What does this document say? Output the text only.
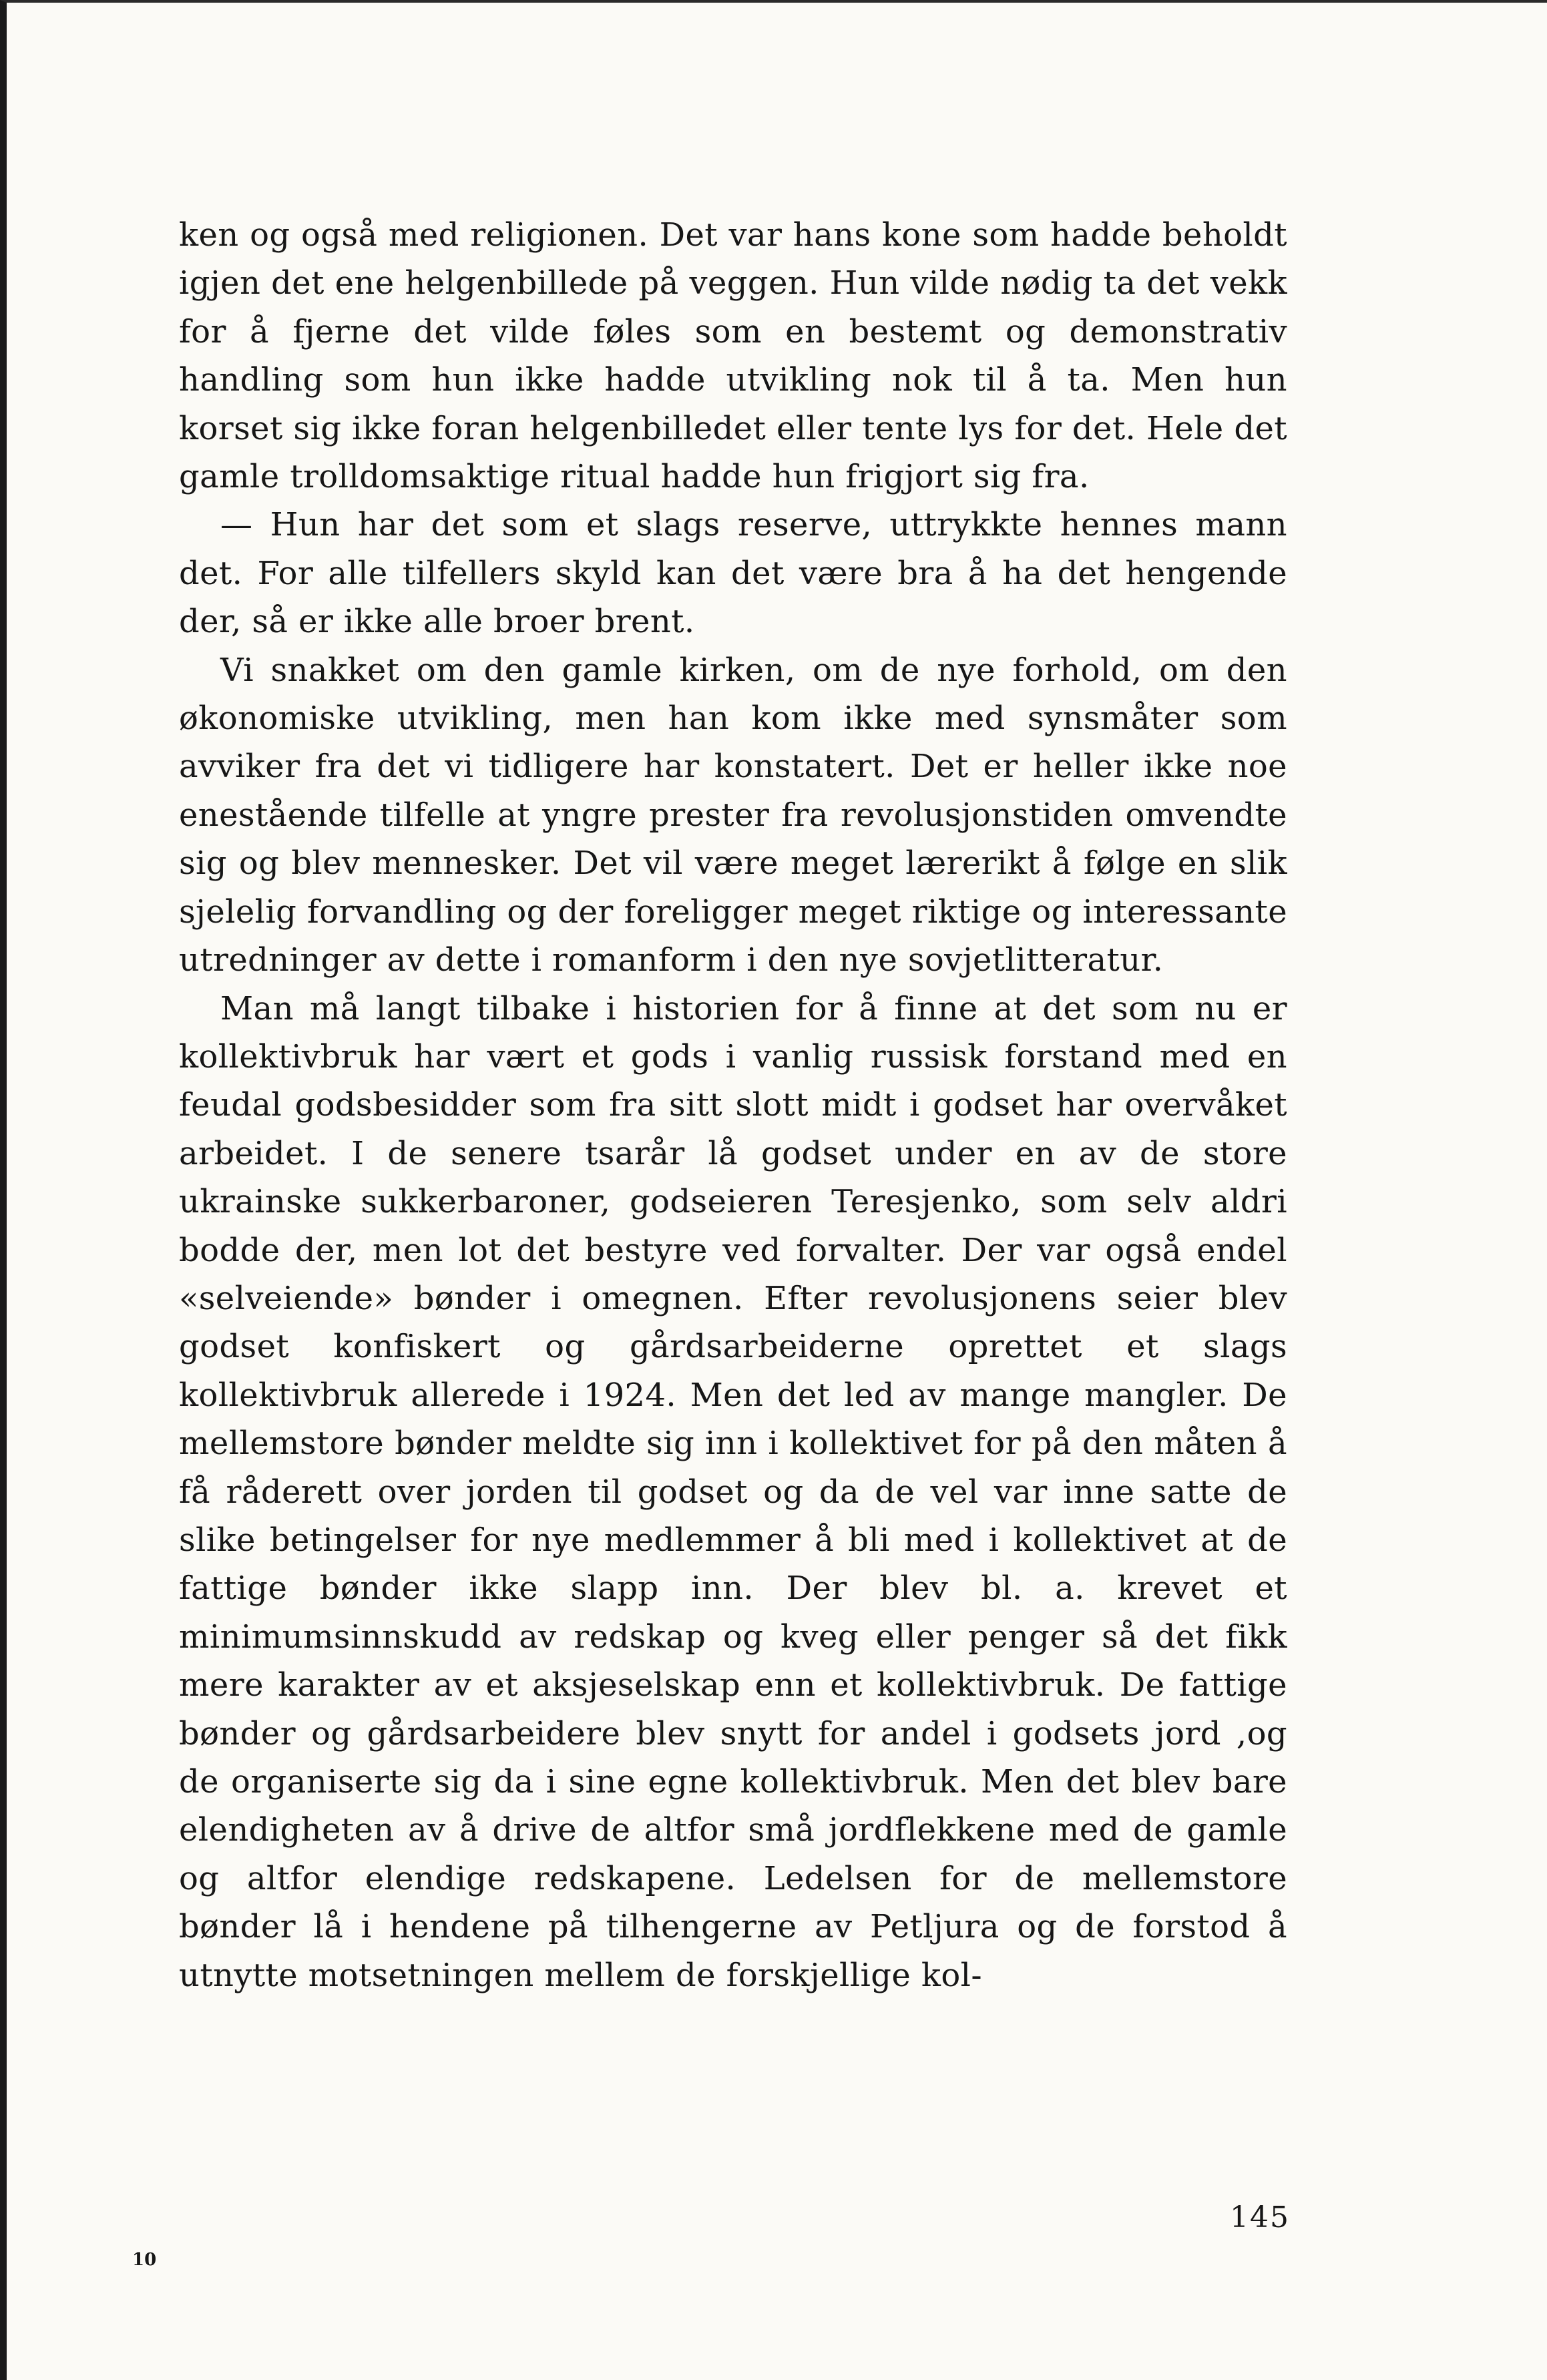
ken og også med religionen. Det var hans kone som hadde beholdt igjen det ene helgenbillede på veggen. Hun vilde nødig ta det vekk for å fjerne det vilde føles som en bestemt og demonstrativ handling som hun ikke hadde utvikling nok til å ta. Men hun korset sig ikke foran helgenbilledet eller tente lys for det. Hele det gamle trolldomsaktige ritual hadde hun frigjort sig fra.

— Hun har det som et slags reserve, uttrykkte hennes mann det. For alle tilfellers skyld kan det være bra å ha det hengende der, så er ikke alle broer brent.

Vi snakket om den gamle kirken, om de nye forhold, om den økonomiske utvikling, men han kom ikke med synsmåter som avviker fra det vi tidligere har konstatert. Det er heller ikke noe enestående tilfelle at yngre prester fra revolusjonstiden omvendte sig og blev mennesker. Det vil være meget lærerikt å følge en slik sjelelig forvandling og der foreligger meget riktige og interessante utredninger av dette i romanform i den nye sovjetlitteratur.

Man må langt tilbake i historien for å finne at det som nu er kollektivbruk har vært et gods i vanlig russisk forstand med en feudal godsbesidder som fra sitt slott midt i godset har overvåket arbeidet. I de senere tsarår lå godset under en av de store ukrainske sukkerbaroner, godseieren Teresjenko, som selv aldri bodde der, men lot det bestyre ved forvalter. Der var også endel «selveiende» bønder i omegnen. Efter revolusjonens seier blev godset konfiskert og gårdsarbeiderne oprettet et slags kollektivbruk allerede i 1924. Men det led av mange mangler. De mellemstore bønder meldte sig inn i kollektivet for på den måten å få råderett over jorden til godset og da de vel var inne satte de slike betingelser for nye medlemmer å bli med i kollektivet at de fattige bønder ikke slapp inn. Der blev bl. a. krevet et minimumsinnskudd av redskap og kveg eller penger så det fikk mere karakter av et aksjeselskap enn et kollektivbruk. De fattige bønder og gårdsarbeidere blev snytt for andel i godsets jord ,og de organiserte sig da i sine egne kollektivbruk. Men det blev bare elendigheten av å drive de altfor små jordflekkene med de gamle og altfor elendige redskapene. Ledelsen for de mellemstore bønder lå i hendene på tilhengerne av Petljura og de forstod å utnytte motsetningen mellem de forskjellige kol-

145
10
